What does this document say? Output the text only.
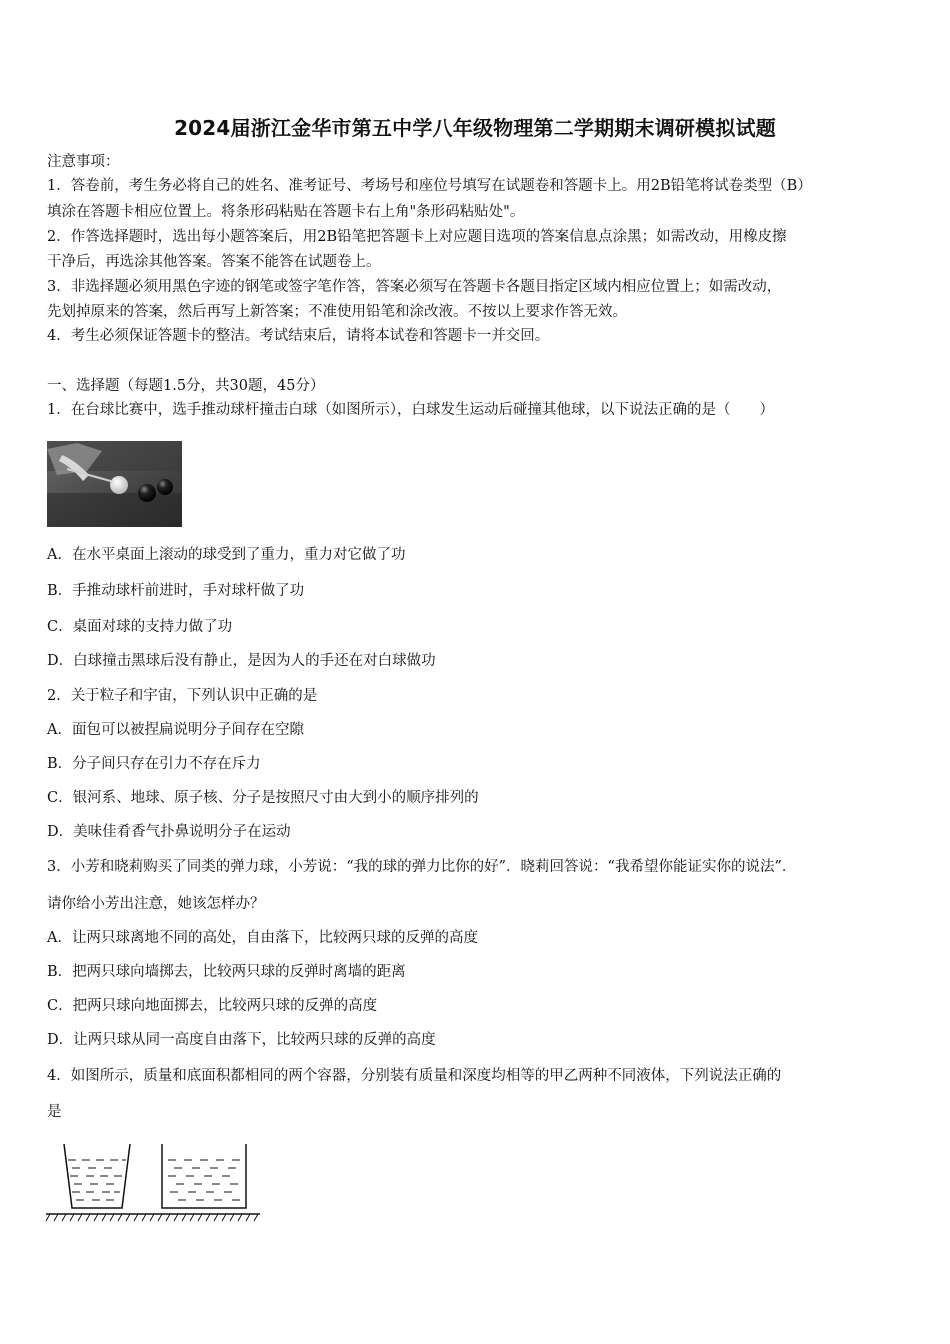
2024届浙江金华市第五中学八年级物理第二学期期末调研模拟试题
注意事项：
1．答卷前，考生务必将自己的姓名、准考证号、考场号和座位号填写在试题卷和答题卡上。用2B铅笔将试卷类型（B）
填涂在答题卡相应位置上。将条形码粘贴在答题卡右上角"条形码粘贴处"。
2．作答选择题时，选出每小题答案后，用2B铅笔把答题卡上对应题目选项的答案信息点涂黑；如需改动，用橡皮擦
干净后，再选涂其他答案。答案不能答在试题卷上。
3．非选择题必须用黑色字迹的钢笔或签字笔作答，答案必须写在答题卡各题目指定区域内相应位置上；如需改动，
先划掉原来的答案，然后再写上新答案；不准使用铅笔和涂改液。不按以上要求作答无效。
4．考生必须保证答题卡的整洁。考试结束后，请将本试卷和答题卡一并交回。
一、选择题（每题1.5分，共30题，45分）
1．在台球比赛中，选手推动球杆撞击白球（如图所示），白球发生运动后碰撞其他球，以下说法正确的是（　　）
A．在水平桌面上滚动的球受到了重力，重力对它做了功
B．手推动球杆前进时，手对球杆做了功
C．桌面对球的支持力做了功
D．白球撞击黑球后没有静止，是因为人的手还在对白球做功
2．关于粒子和宇宙，下列认识中正确的是
A．面包可以被捏扁说明分子间存在空隙
B．分子间只存在引力不存在斥力
C．银河系、地球、原子核、分子是按照尺寸由大到小的顺序排列的
D．美味佳肴香气扑鼻说明分子在运动
3．小芳和晓莉购买了同类的弹力球，小芳说：“我的球的弹力比你的好”．晓莉回答说：“我希望你能证实你的说法”．
请你给小芳出注意，她该怎样办？
A．让两只球离地不同的高处，自由落下，比较两只球的反弹的高度
B．把两只球向墙掷去，比较两只球的反弹时离墙的距离
C．把两只球向地面掷去，比较两只球的反弹的高度
D．让两只球从同一高度自由落下，比较两只球的反弹的高度
4．如图所示，质量和底面积都相同的两个容器，分别装有质量和深度均相等的甲乙两种不同液体，下列说法正确的
是
